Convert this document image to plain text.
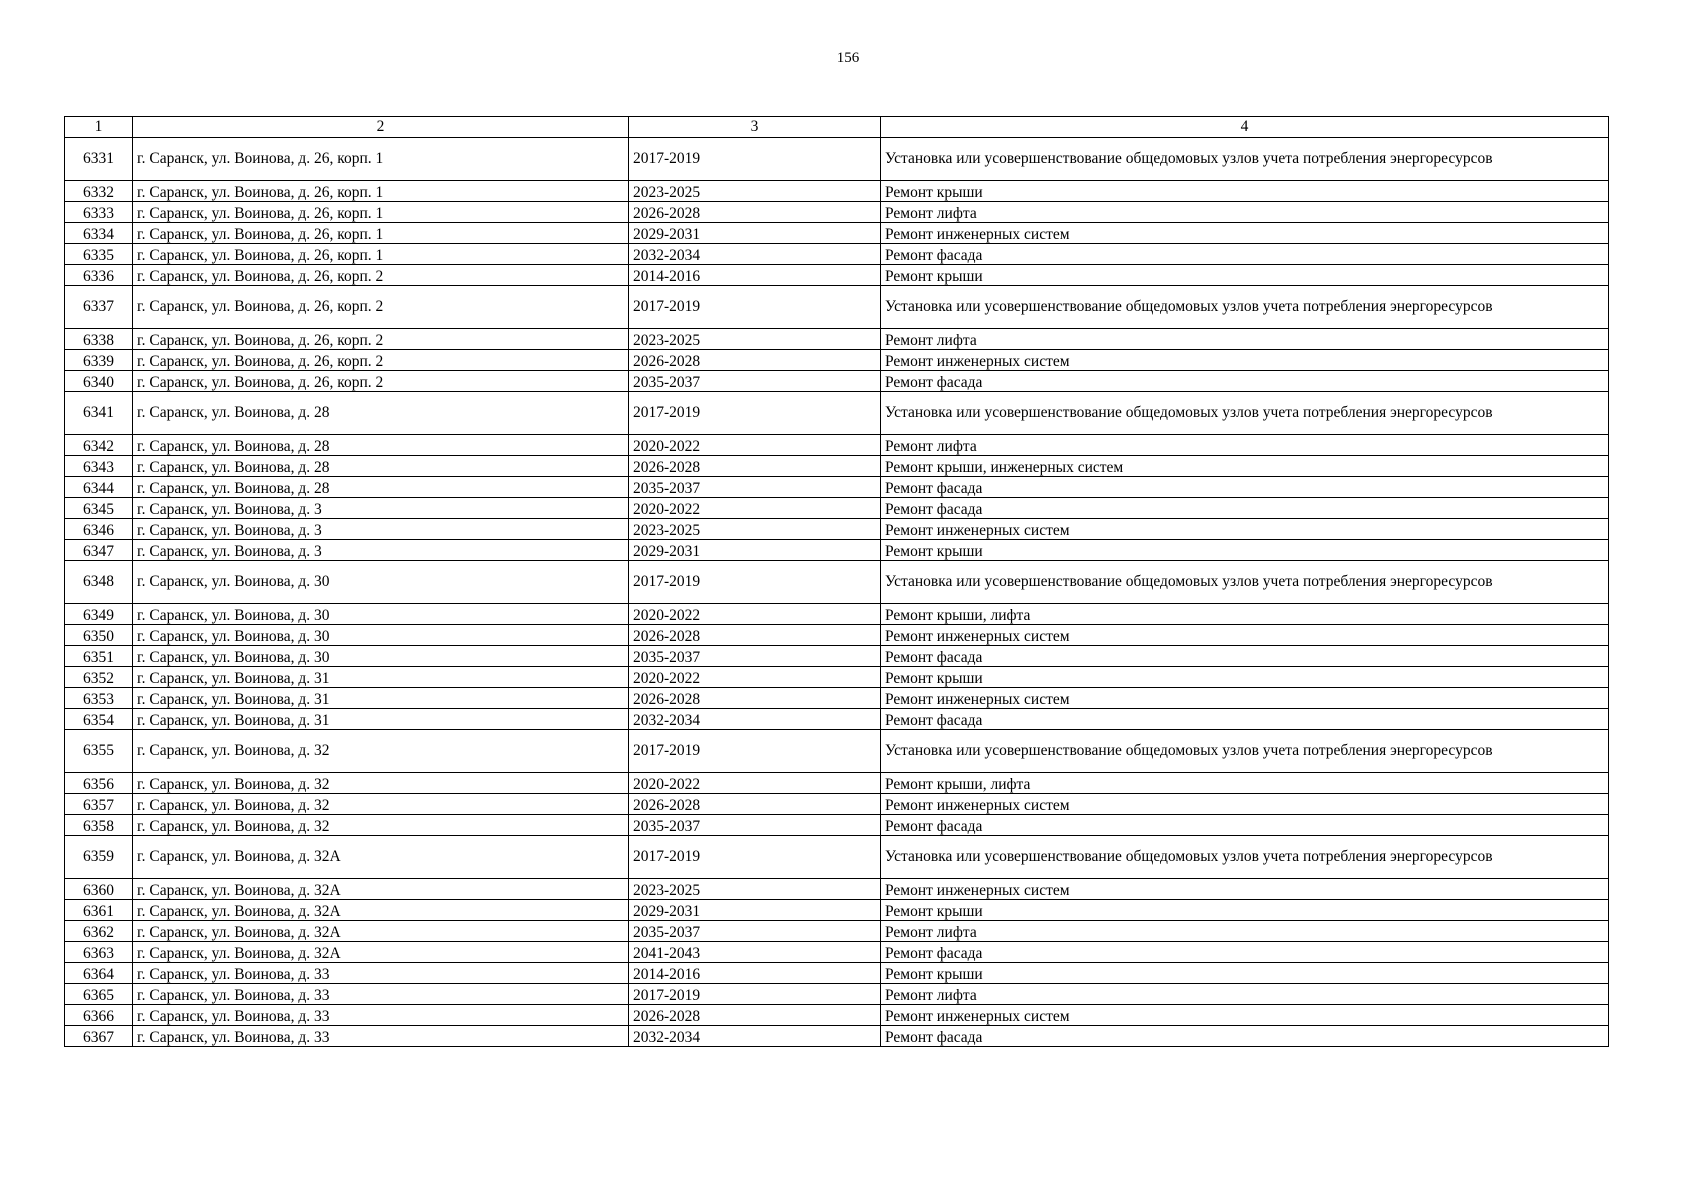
156
1	2	3	4
6331	г. Саранск, ул. Воинова, д. 26, корп. 1	2017-2019	Установка или усовершенствование общедомовых узлов учета потребления энергоресурсов
6332	г. Саранск, ул. Воинова, д. 26, корп. 1	2023-2025	Ремонт крыши
6333	г. Саранск, ул. Воинова, д. 26, корп. 1	2026-2028	Ремонт лифта
6334	г. Саранск, ул. Воинова, д. 26, корп. 1	2029-2031	Ремонт инженерных систем
6335	г. Саранск, ул. Воинова, д. 26, корп. 1	2032-2034	Ремонт фасада
6336	г. Саранск, ул. Воинова, д. 26, корп. 2	2014-2016	Ремонт крыши
6337	г. Саранск, ул. Воинова, д. 26, корп. 2	2017-2019	Установка или усовершенствование общедомовых узлов учета потребления энергоресурсов
6338	г. Саранск, ул. Воинова, д. 26, корп. 2	2023-2025	Ремонт лифта
6339	г. Саранск, ул. Воинова, д. 26, корп. 2	2026-2028	Ремонт инженерных систем
6340	г. Саранск, ул. Воинова, д. 26, корп. 2	2035-2037	Ремонт фасада
6341	г. Саранск, ул. Воинова, д. 28	2017-2019	Установка или усовершенствование общедомовых узлов учета потребления энергоресурсов
6342	г. Саранск, ул. Воинова, д. 28	2020-2022	Ремонт лифта
6343	г. Саранск, ул. Воинова, д. 28	2026-2028	Ремонт крыши, инженерных систем
6344	г. Саранск, ул. Воинова, д. 28	2035-2037	Ремонт фасада
6345	г. Саранск, ул. Воинова, д. 3	2020-2022	Ремонт фасада
6346	г. Саранск, ул. Воинова, д. 3	2023-2025	Ремонт инженерных систем
6347	г. Саранск, ул. Воинова, д. 3	2029-2031	Ремонт крыши
6348	г. Саранск, ул. Воинова, д. 30	2017-2019	Установка или усовершенствование общедомовых узлов учета потребления энергоресурсов
6349	г. Саранск, ул. Воинова, д. 30	2020-2022	Ремонт крыши, лифта
6350	г. Саранск, ул. Воинова, д. 30	2026-2028	Ремонт инженерных систем
6351	г. Саранск, ул. Воинова, д. 30	2035-2037	Ремонт фасада
6352	г. Саранск, ул. Воинова, д. 31	2020-2022	Ремонт крыши
6353	г. Саранск, ул. Воинова, д. 31	2026-2028	Ремонт инженерных систем
6354	г. Саранск, ул. Воинова, д. 31	2032-2034	Ремонт фасада
6355	г. Саранск, ул. Воинова, д. 32	2017-2019	Установка или усовершенствование общедомовых узлов учета потребления энергоресурсов
6356	г. Саранск, ул. Воинова, д. 32	2020-2022	Ремонт крыши, лифта
6357	г. Саранск, ул. Воинова, д. 32	2026-2028	Ремонт инженерных систем
6358	г. Саранск, ул. Воинова, д. 32	2035-2037	Ремонт фасада
6359	г. Саранск, ул. Воинова, д. 32А	2017-2019	Установка или усовершенствование общедомовых узлов учета потребления энергоресурсов
6360	г. Саранск, ул. Воинова, д. 32А	2023-2025	Ремонт инженерных систем
6361	г. Саранск, ул. Воинова, д. 32А	2029-2031	Ремонт крыши
6362	г. Саранск, ул. Воинова, д. 32А	2035-2037	Ремонт лифта
6363	г. Саранск, ул. Воинова, д. 32А	2041-2043	Ремонт фасада
6364	г. Саранск, ул. Воинова, д. 33	2014-2016	Ремонт крыши
6365	г. Саранск, ул. Воинова, д. 33	2017-2019	Ремонт лифта
6366	г. Саранск, ул. Воинова, д. 33	2026-2028	Ремонт инженерных систем
6367	г. Саранск, ул. Воинова, д. 33	2032-2034	Ремонт фасада
